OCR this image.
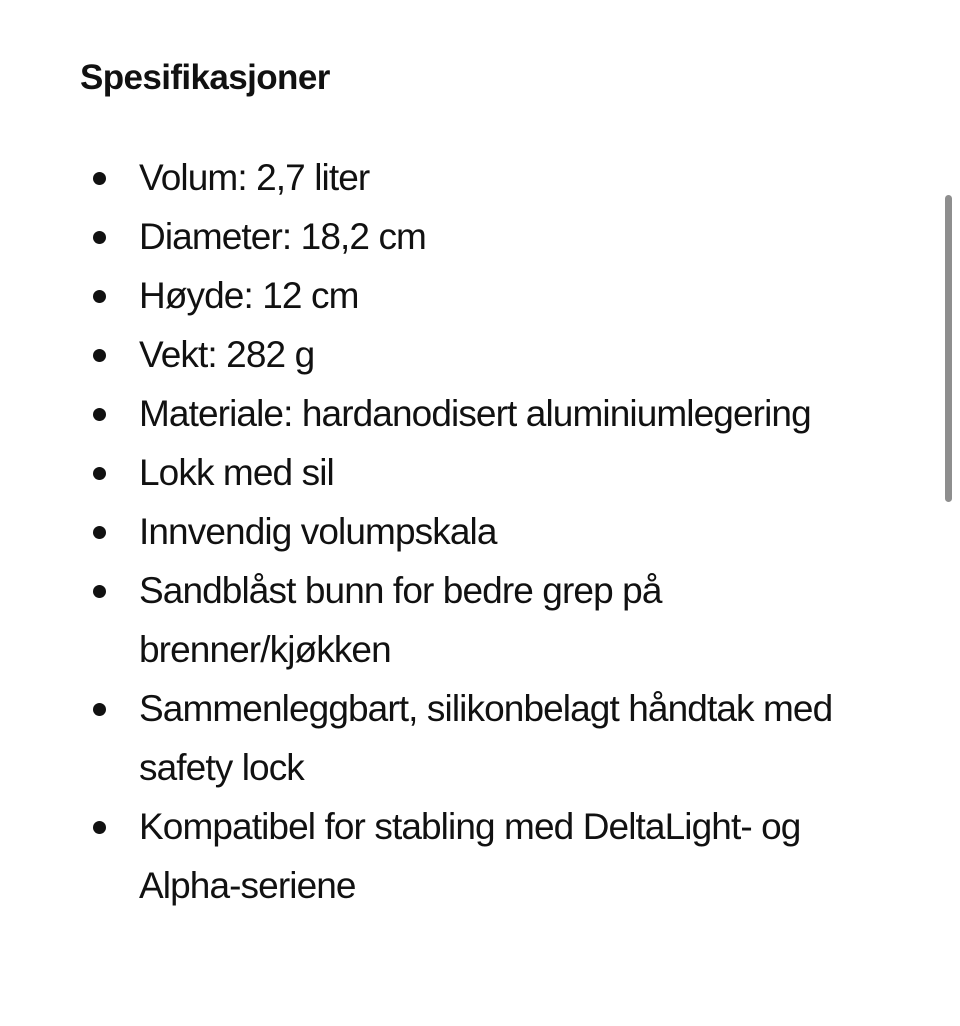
Spesifikasjoner
Volum: 2,7 liter
Diameter: 18,2 cm
Høyde: 12 cm
Vekt: 282 g
Materiale: hardanodisert aluminiumlegering
Lokk med sil
Innvendig volumpskala
Sandblåst bunn for bedre grep på brenner/kjøkken
Sammenleggbart, silikonbelagt håndtak med safety lock
Kompatibel for stabling med DeltaLight- og Alpha-seriene
